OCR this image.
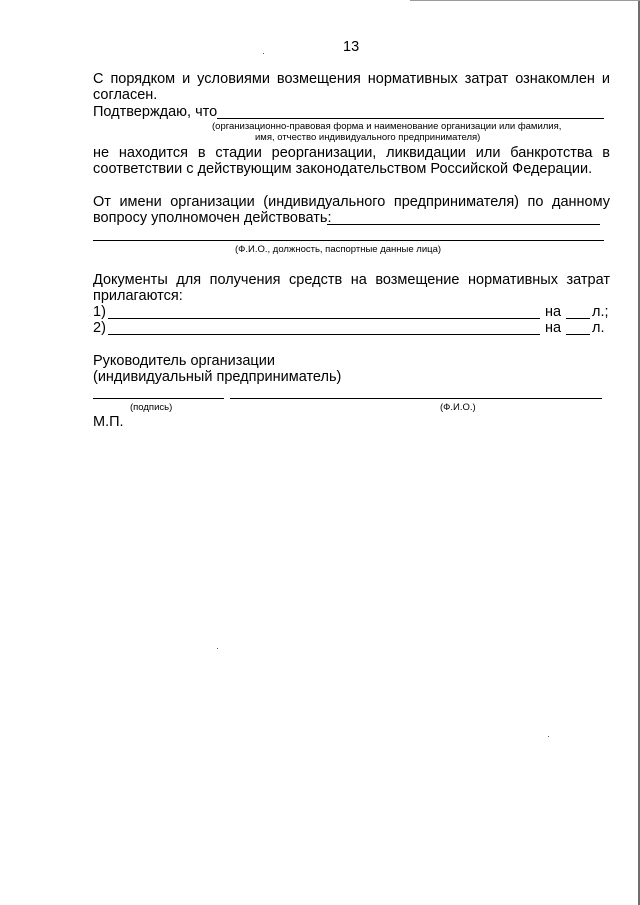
13
С порядком и условиями возмещения нормативных затрат ознакомлен и
согласен.
Подтверждаю, что
(организационно-правовая форма и наименование организации или фамилия,
имя, отчество индивидуального предпринимателя)
не находится в стадии реорганизации, ликвидации или банкротства в
соответствии с действующим законодательством Российской Федерации.
От имени организации (индивидуального предпринимателя) по данному
вопросу уполномочен действовать:
(Ф.И.О., должность, паспортные данные лица)
Документы для получения средств на возмещение нормативных затрат
прилагаются:
1)	на л.;
2)	на л.
Руководитель организации
(индивидуальный предприниматель)
(подпись)	(Ф.И.О.)
М.П.
